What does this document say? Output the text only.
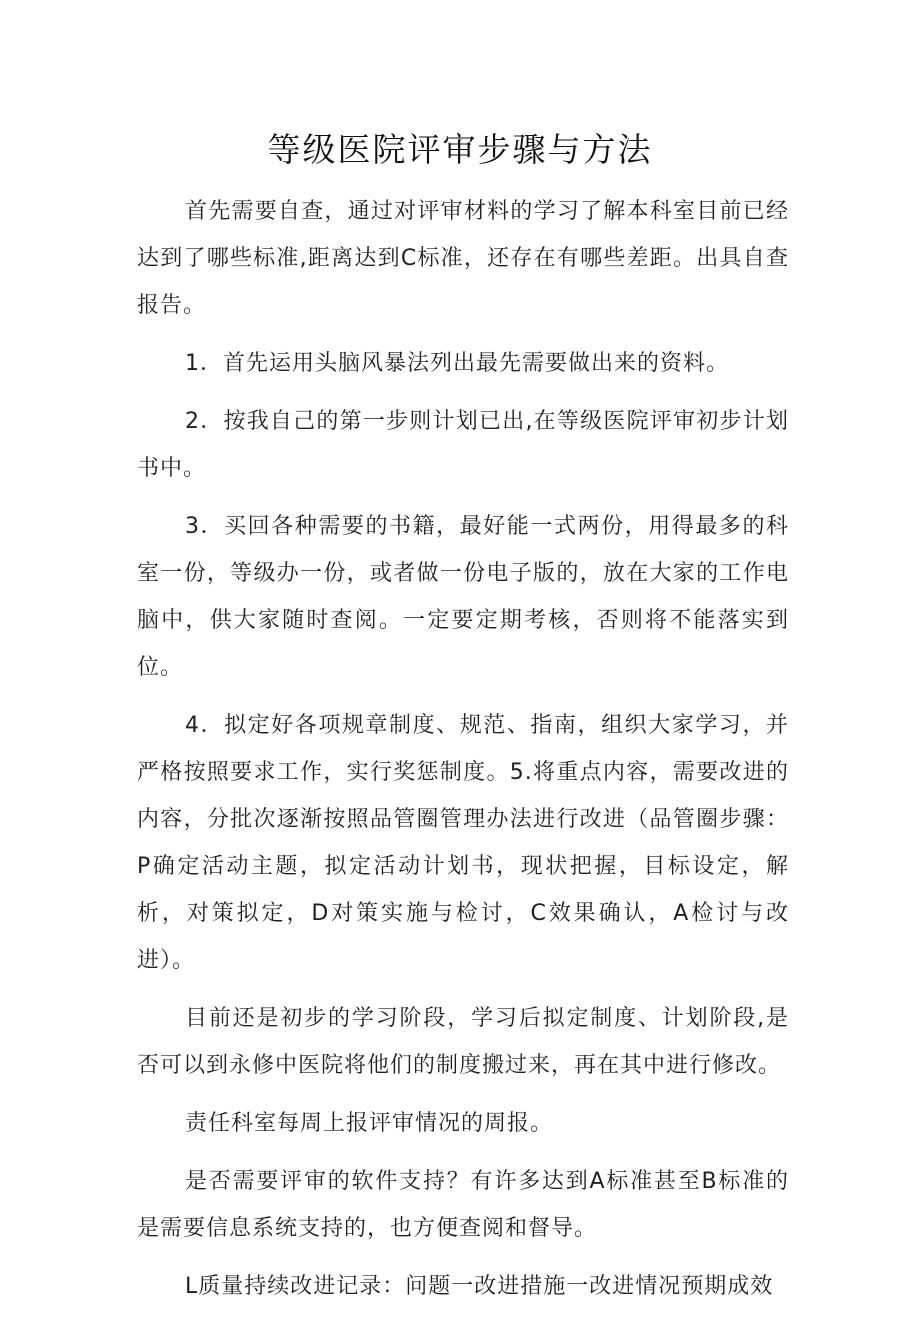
等级医院评审步骤与方法

首先需要自查，通过对评审材料的学习了解本科室目前已经达到了哪些标准,距离达到C标准，还存在有哪些差距。出具自查报告。

1．首先运用头脑风暴法列出最先需要做出来的资料。

2．按我自己的第一步则计划已出,在等级医院评审初步计划书中。

3．买回各种需要的书籍，最好能一式两份，用得最多的科室一份，等级办一份，或者做一份电子版的，放在大家的工作电脑中，供大家随时查阅。一定要定期考核，否则将不能落实到位。

4．拟定好各项规章制度、规范、指南，组织大家学习，并严格按照要求工作，实行奖惩制度。5.将重点内容，需要改进的内容，分批次逐渐按照品管圈管理办法进行改进（品管圈步骤：P确定活动主题，拟定活动计划书，现状把握，目标设定，解析，对策拟定，D对策实施与检讨，C效果确认，A检讨与改进）。

目前还是初步的学习阶段，学习后拟定制度、计划阶段,是否可以到永修中医院将他们的制度搬过来，再在其中进行修改。

责任科室每周上报评审情况的周报。

是否需要评审的软件支持？有许多达到A标准甚至B标准的是需要信息系统支持的，也方便查阅和督导。

L质量持续改进记录：问题一改进措施一改进情况预期成效
